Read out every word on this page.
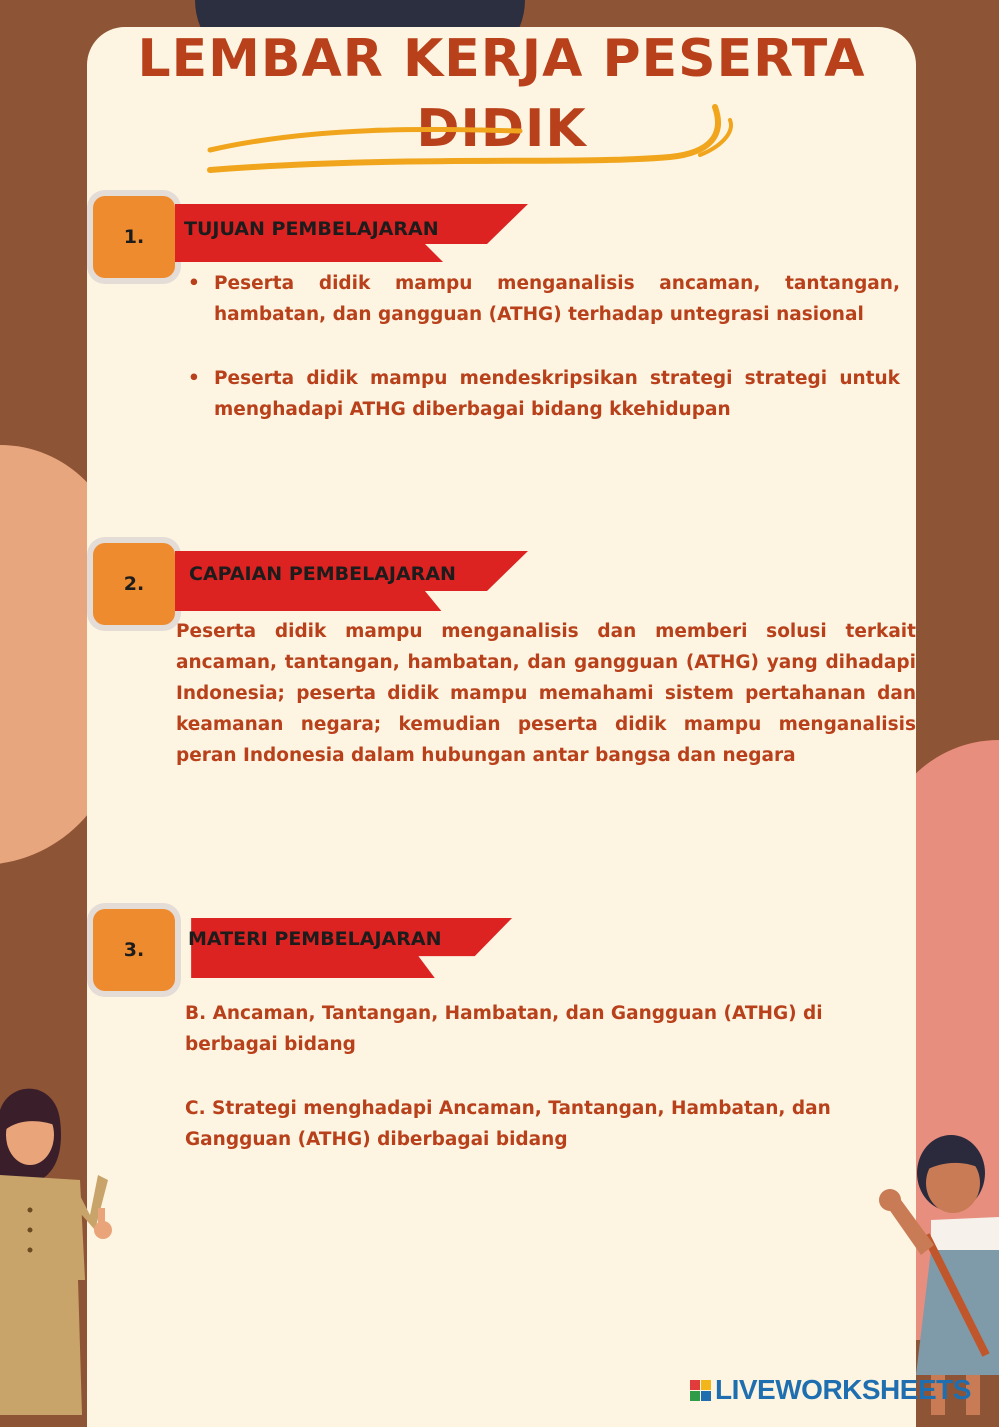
LEMBAR KERJA PESERTA DIDIK
1.	TUJUAN PEMBELAJARAN
• Peserta didik mampu menganalisis ancaman, tantangan, hambatan, dan gangguan (ATHG) terhadap untegrasi nasional
• Peserta didik mampu mendeskripsikan strategi strategi untuk menghadapi ATHG diberbagai bidang kkehidupan
2.	CAPAIAN PEMBELAJARAN
Peserta didik mampu menganalisis dan memberi solusi terkait ancaman, tantangan, hambatan, dan gangguan (ATHG) yang dihadapi Indonesia; peserta didik mampu memahami sistem pertahanan dan keamanan negara; kemudian peserta didik mampu menganalisis peran Indonesia dalam hubungan antar bangsa dan negara
3.	MATERI PEMBELAJARAN
B. Ancaman, Tantangan, Hambatan, dan Gangguan (ATHG) di berbagai bidang
C. Strategi menghadapi Ancaman, Tantangan, Hambatan, dan Gangguan (ATHG) diberbagai bidang
LIVEWORKSHEETS
